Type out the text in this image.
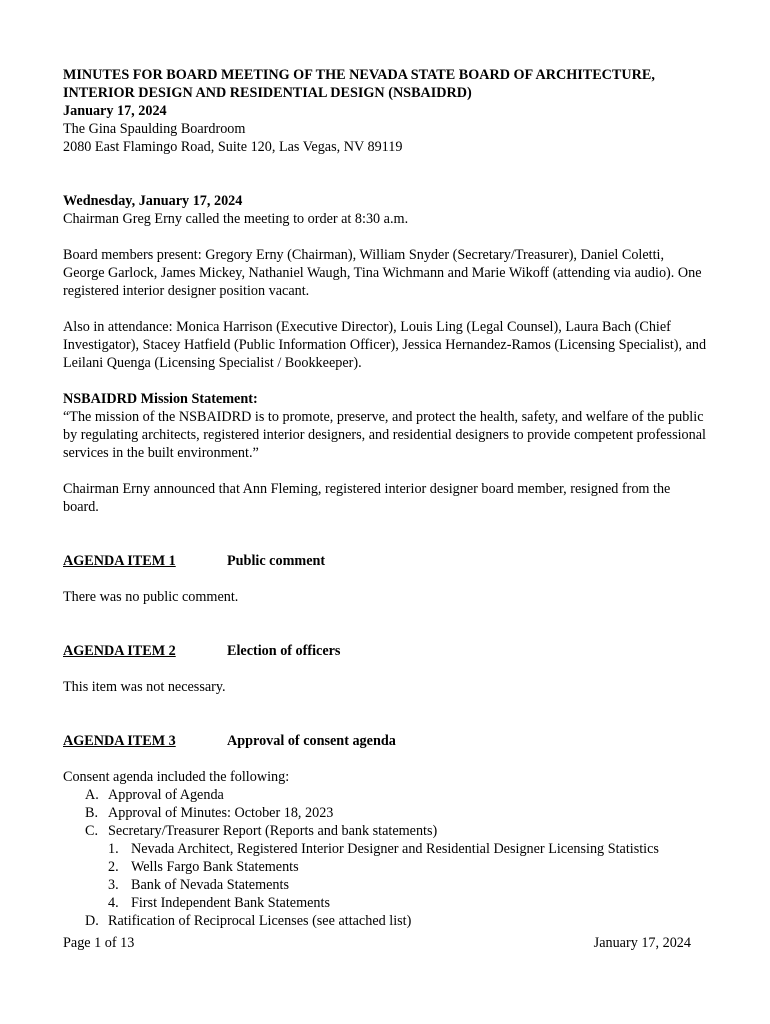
MINUTES FOR BOARD MEETING OF THE NEVADA STATE BOARD OF ARCHITECTURE,

INTERIOR DESIGN AND RESIDENTIAL DESIGN (NSBAIDRD)

January 17, 2024

The Gina Spaulding Boardroom

2080 East Flamingo Road, Suite 120, Las Vegas, NV 89119

Wednesday, January 17, 2024

Chairman Greg Erny called the meeting to order at 8:30 a.m.

Board members present: Gregory Erny (Chairman), William Snyder (Secretary/Treasurer), Daniel Coletti, George Garlock, James Mickey, Nathaniel Waugh, Tina Wichmann and Marie Wikoff (attending via audio). One registered interior designer position vacant.

Also in attendance: Monica Harrison (Executive Director), Louis Ling (Legal Counsel), Laura Bach (Chief Investigator), Stacey Hatfield (Public Information Officer), Jessica Hernandez-Ramos (Licensing Specialist), and Leilani Quenga (Licensing Specialist / Bookkeeper).

NSBAIDRD Mission Statement:

“The mission of the NSBAIDRD is to promote, preserve, and protect the health, safety, and welfare of the public by regulating architects, registered interior designers, and residential designers to provide competent professional services in the built environment.”

Chairman Erny announced that Ann Fleming, registered interior designer board member, resigned from the board.

AGENDA ITEM 1	Public comment

There was no public comment.

AGENDA ITEM 2	Election of officers

This item was not necessary.

AGENDA ITEM 3	Approval of consent agenda

Consent agenda included the following:

A. Approval of Agenda
B. Approval of Minutes: October 18, 2023
C. Secretary/Treasurer Report (Reports and bank statements)
1. Nevada Architect, Registered Interior Designer and Residential Designer Licensing Statistics
2. Wells Fargo Bank Statements
3. Bank of Nevada Statements
4. First Independent Bank Statements
D. Ratification of Reciprocal Licenses (see attached list)
Page 1 of 13	January 17, 2024
